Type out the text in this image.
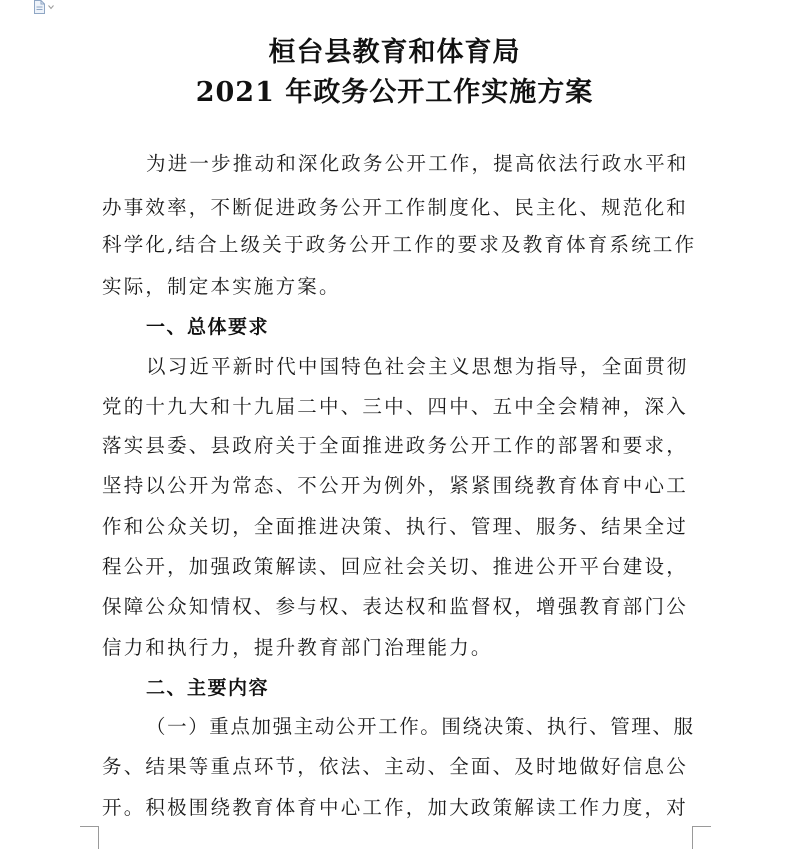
桓台县教育和体育局
2021 年政务公开工作实施方案
为进一步推动和深化政务公开工作，提高依法行政水平和
办事效率，不断促进政务公开工作制度化、民主化、规范化和
科学化,结合上级关于政务公开工作的要求及教育体育系统工作
实际，制定本实施方案。
一、总体要求
以习近平新时代中国特色社会主义思想为指导，全面贯彻
党的十九大和十九届二中、三中、四中、五中全会精神，深入
落实县委、县政府关于全面推进政务公开工作的部署和要求，
坚持以公开为常态、不公开为例外，紧紧围绕教育体育中心工
作和公众关切，全面推进决策、执行、管理、服务、结果全过
程公开，加强政策解读、回应社会关切、推进公开平台建设，
保障公众知情权、参与权、表达权和监督权，增强教育部门公
信力和执行力，提升教育部门治理能力。
二、主要内容
（一）重点加强主动公开工作。围绕决策、执行、管理、服
务、结果等重点环节，依法、主动、全面、及时地做好信息公
开。积极围绕教育体育中心工作，加大政策解读工作力度，对
